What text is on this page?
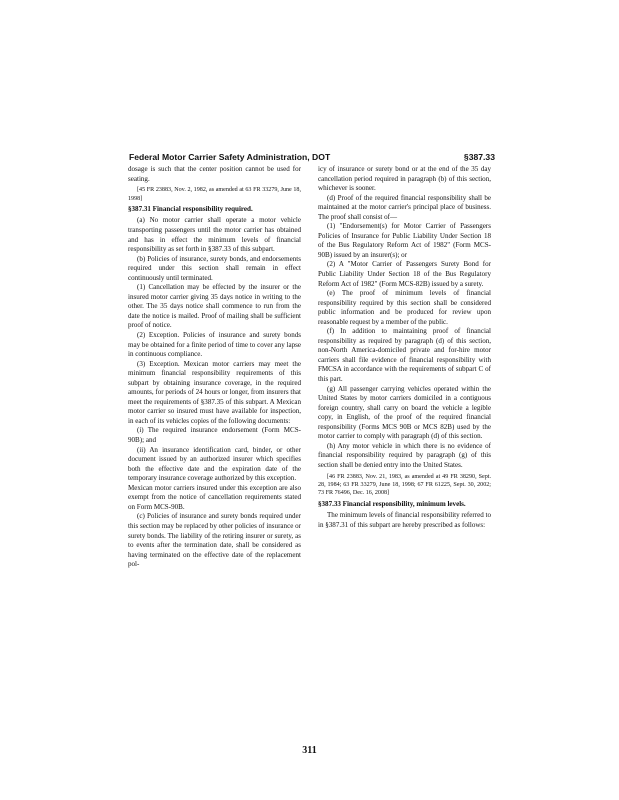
Federal Motor Carrier Safety Administration, DOT	§387.33

dosage is such that the center position cannot be used for seating.

[45 FR 23883, Nov. 2, 1982, as amended at 63 FR 33279, June 18, 1998]

§387.31 Financial responsibility required.

(a) No motor carrier shall operate a motor vehicle transporting passengers until the motor carrier has obtained and has in effect the minimum levels of financial responsibility as set forth in §387.33 of this subpart.

(b) Policies of insurance, surety bonds, and endorsements required under this section shall remain in effect continuously until terminated.

(1) Cancellation may be effected by the insurer or the insured motor carrier giving 35 days notice in writing to the other. The 35 days notice shall commence to run from the date the notice is mailed. Proof of mailing shall be sufficient proof of notice.

(2) Exception. Policies of insurance and surety bonds may be obtained for a finite period of time to cover any lapse in continuous compliance.

(3) Exception. Mexican motor carriers may meet the minimum financial responsibility requirements of this subpart by obtaining insurance coverage, in the required amounts, for periods of 24 hours or longer, from insurers that meet the requirements of §387.35 of this subpart. A Mexican motor carrier so insured must have available for inspection, in each of its vehicles copies of the following documents:

(i) The required insurance endorsement (Form MCS-90B); and

(ii) An insurance identification card, binder, or other document issued by an authorized insurer which specifies both the effective date and the expiration date of the temporary insurance coverage authorized by this exception.

Mexican motor carriers insured under this exception are also exempt from the notice of cancellation requirements stated on Form MCS-90B.

(c) Policies of insurance and surety bonds required under this section may be replaced by other policies of insurance or surety bonds. The liability of the retiring insurer or surety, as to events after the termination date, shall be considered as having terminated on the effective date of the replacement pol-

icy of insurance or surety bond or at the end of the 35 day cancellation period required in paragraph (b) of this section, whichever is sooner.

(d) Proof of the required financial responsibility shall be maintained at the motor carrier's principal place of business. The proof shall consist of—

(1) "Endorsement(s) for Motor Carrier of Passengers Policies of Insurance for Public Liability Under Section 18 of the Bus Regulatory Reform Act of 1982" (Form MCS-90B) issued by an insurer(s); or

(2) A "Motor Carrier of Passengers Surety Bond for Public Liability Under Section 18 of the Bus Regulatory Reform Act of 1982" (Form MCS-82B) issued by a surety.

(e) The proof of minimum levels of financial responsibility required by this section shall be considered public information and be produced for review upon reasonable request by a member of the public.

(f) In addition to maintaining proof of financial responsibility as required by paragraph (d) of this section, non-North America-domiciled private and for-hire motor carriers shall file evidence of financial responsibility with FMCSA in accordance with the requirements of subpart C of this part.

(g) All passenger carrying vehicles operated within the United States by motor carriers domiciled in a contiguous foreign country, shall carry on board the vehicle a legible copy, in English, of the proof of the required financial responsibility (Forms MCS 90B or MCS 82B) used by the motor carrier to comply with paragraph (d) of this section.

(h) Any motor vehicle in which there is no evidence of financial responsibility required by paragraph (g) of this section shall be denied entry into the United States.

[46 FR 23883, Nov. 21, 1983, as amended at 49 FR 38290, Sept. 28, 1984; 63 FR 33279, June 18, 1998; 67 FR 61225, Sept. 30, 2002; 73 FR 76496, Dec. 16, 2008]

§387.33 Financial responsibility, minimum levels.

The minimum levels of financial responsibility referred to in §387.31 of this subpart are hereby prescribed as follows:

311
